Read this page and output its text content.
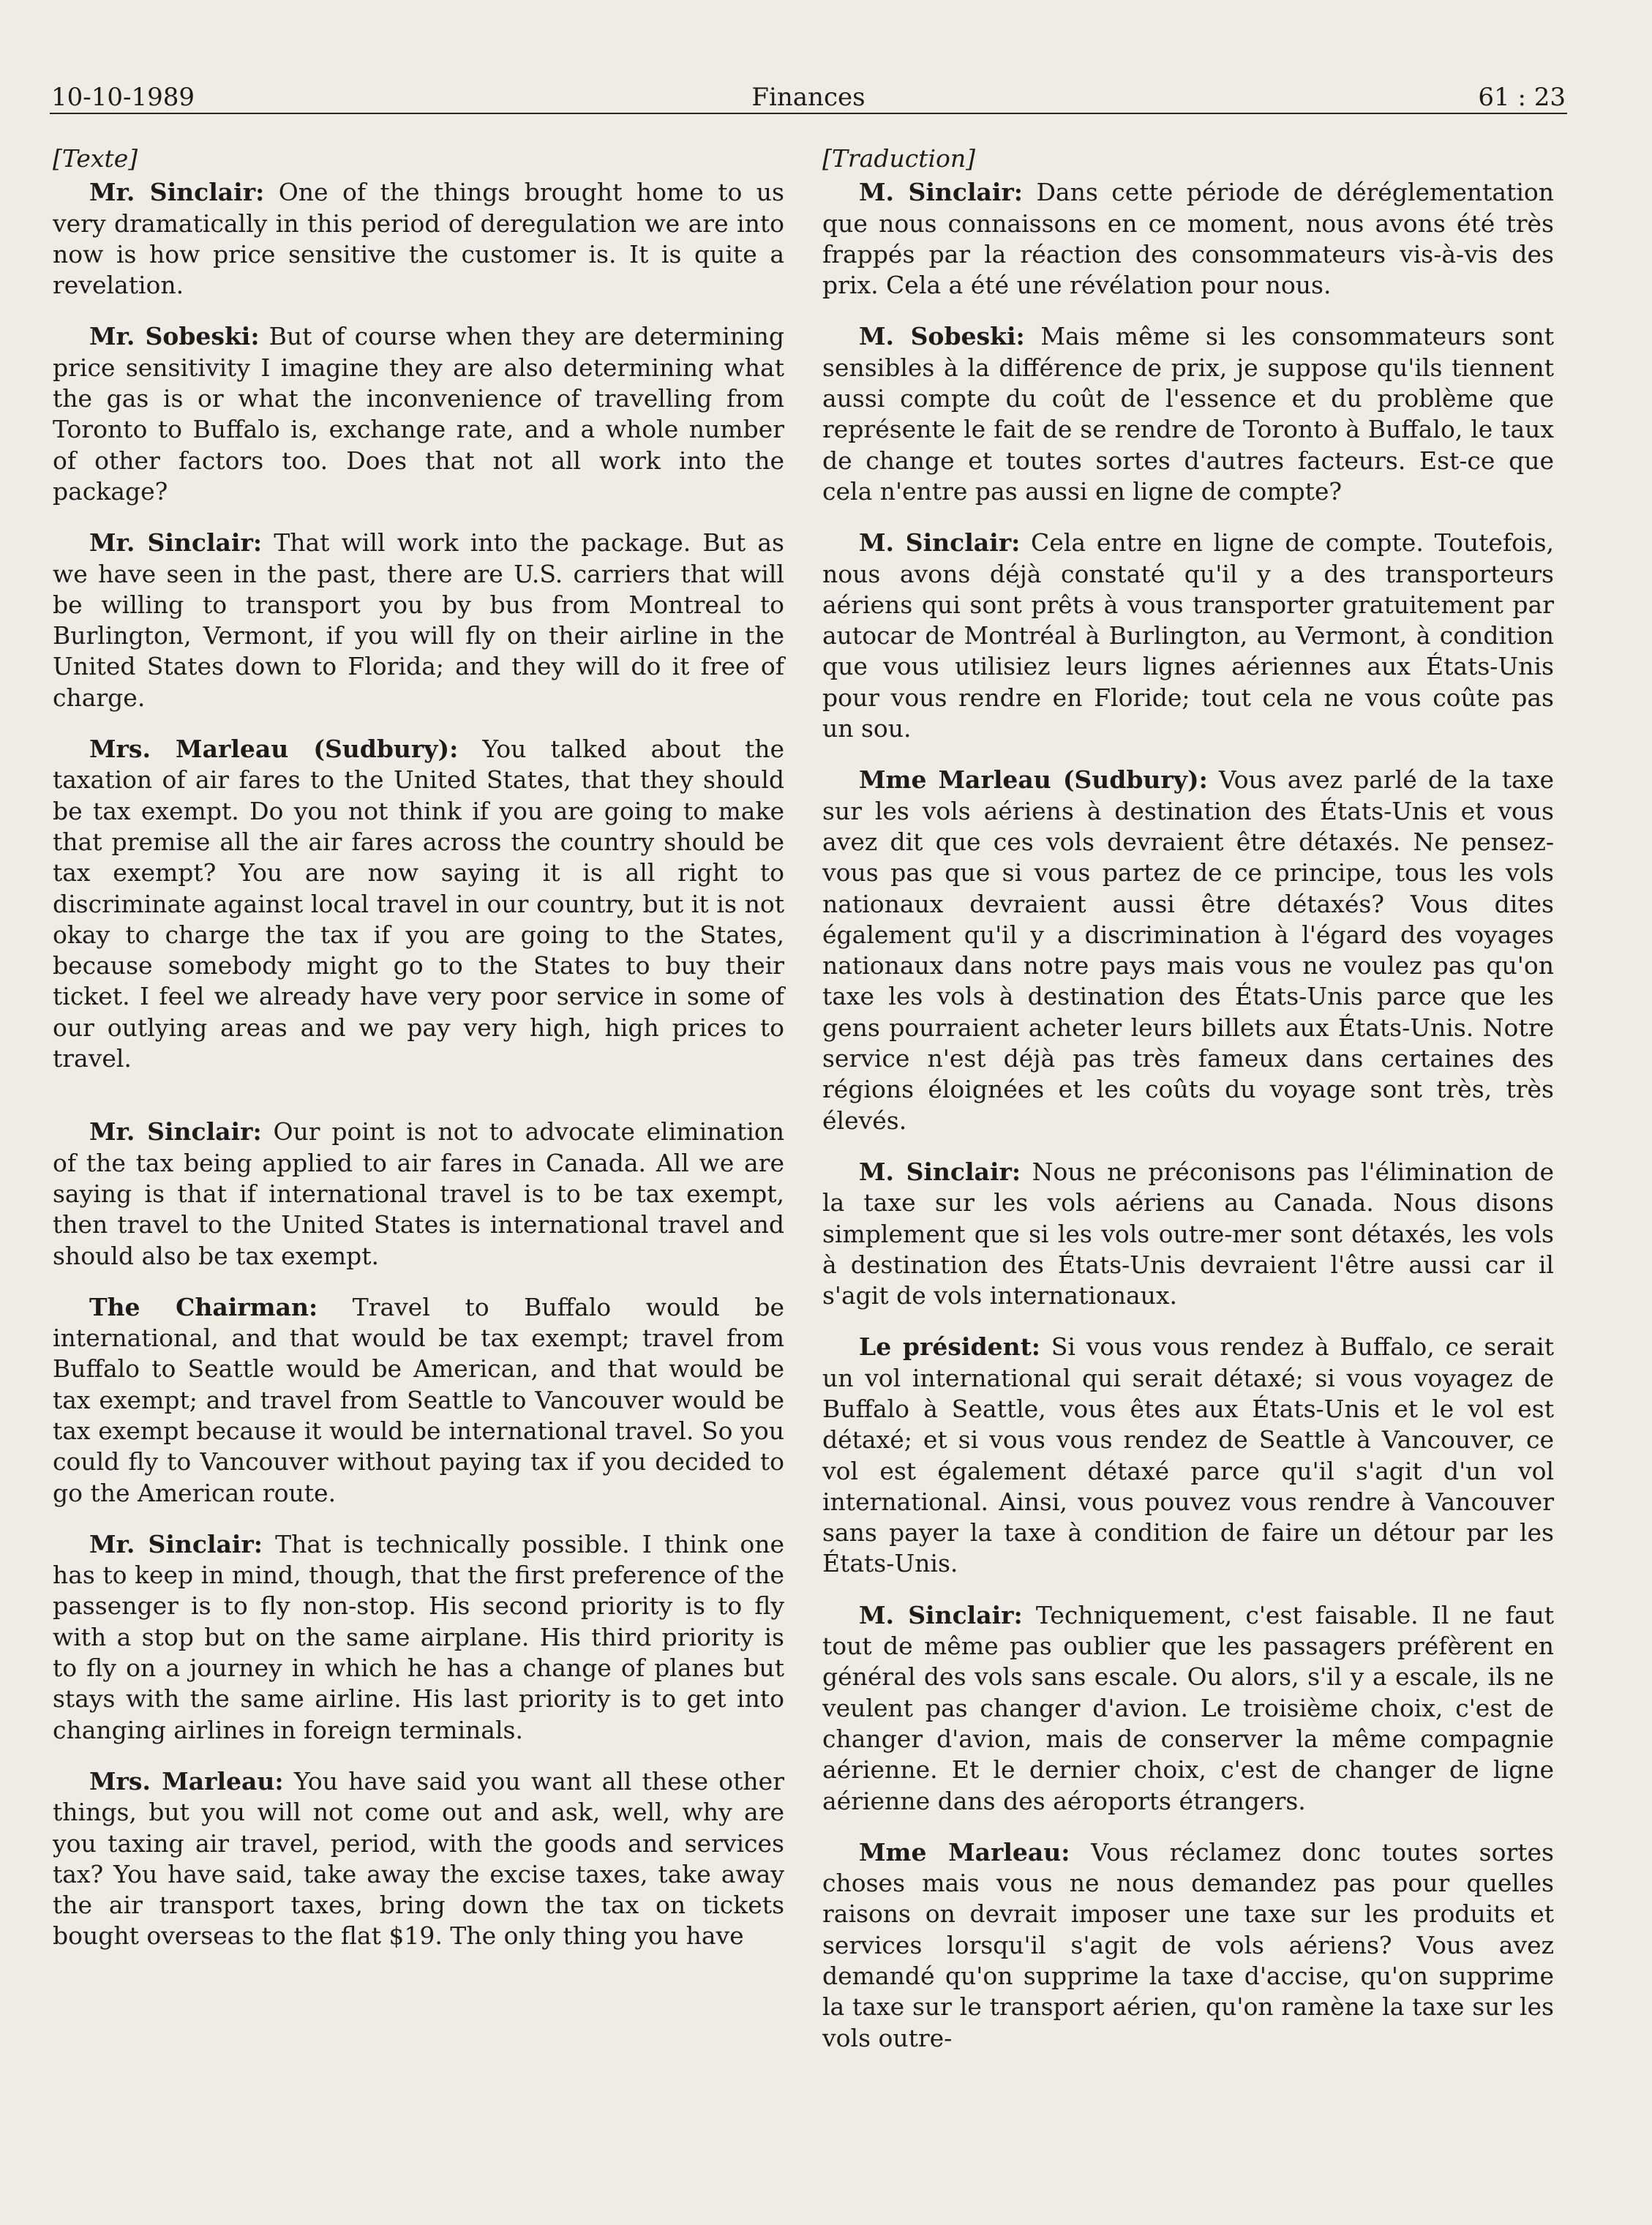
Finances
10-10-1989	61 : 23
[Texte]

Mr. Sinclair: One of the things brought home to us very dramatically in this period of deregulation we are into now is how price sensitive the customer is. It is quite a revelation.

Mr. Sobeski: But of course when they are determining price sensitivity I imagine they are also determining what the gas is or what the inconvenience of travelling from Toronto to Buffalo is, exchange rate, and a whole number of other factors too. Does that not all work into the package?

Mr. Sinclair: That will work into the package. But as we have seen in the past, there are U.S. carriers that will be willing to transport you by bus from Montreal to Burlington, Vermont, if you will fly on their airline in the United States down to Florida; and they will do it free of charge.

Mrs. Marleau (Sudbury): You talked about the taxation of air fares to the United States, that they should be tax exempt. Do you not think if you are going to make that premise all the air fares across the country should be tax exempt? You are now saying it is all right to discriminate against local travel in our country, but it is not okay to charge the tax if you are going to the States, because somebody might go to the States to buy their ticket. I feel we already have very poor service in some of our outlying areas and we pay very high, high prices to travel.

Mr. Sinclair: Our point is not to advocate elimination of the tax being applied to air fares in Canada. All we are saying is that if international travel is to be tax exempt, then travel to the United States is international travel and should also be tax exempt.

The Chairman: Travel to Buffalo would be international, and that would be tax exempt; travel from Buffalo to Seattle would be American, and that would be tax exempt; and travel from Seattle to Vancouver would be tax exempt because it would be international travel. So you could fly to Vancouver without paying tax if you decided to go the American route.

Mr. Sinclair: That is technically possible. I think one has to keep in mind, though, that the first preference of the passenger is to fly non-stop. His second priority is to fly with a stop but on the same airplane. His third priority is to fly on a journey in which he has a change of planes but stays with the same airline. His last priority is to get into changing airlines in foreign terminals.

Mrs. Marleau: You have said you want all these other things, but you will not come out and ask, well, why are you taxing air travel, period, with the goods and services tax? You have said, take away the excise taxes, take away the air transport taxes, bring down the tax on tickets bought overseas to the flat $19. The only thing you have

[Traduction]

M. Sinclair: Dans cette période de déréglementation que nous connaissons en ce moment, nous avons été très frappés par la réaction des consommateurs vis-à-vis des prix. Cela a été une révélation pour nous.

M. Sobeski: Mais même si les consommateurs sont sensibles à la différence de prix, je suppose qu'ils tiennent aussi compte du coût de l'essence et du problème que représente le fait de se rendre de Toronto à Buffalo, le taux de change et toutes sortes d'autres facteurs. Est-ce que cela n'entre pas aussi en ligne de compte?

M. Sinclair: Cela entre en ligne de compte. Toutefois, nous avons déjà constaté qu'il y a des transporteurs aériens qui sont prêts à vous transporter gratuitement par autocar de Montréal à Burlington, au Vermont, à condition que vous utilisiez leurs lignes aériennes aux États-Unis pour vous rendre en Floride; tout cela ne vous coûte pas un sou.

Mme Marleau (Sudbury): Vous avez parlé de la taxe sur les vols aériens à destination des États-Unis et vous avez dit que ces vols devraient être détaxés. Ne pensez-vous pas que si vous partez de ce principe, tous les vols nationaux devraient aussi être détaxés? Vous dites également qu'il y a discrimination à l'égard des voyages nationaux dans notre pays mais vous ne voulez pas qu'on taxe les vols à destination des États-Unis parce que les gens pourraient acheter leurs billets aux États-Unis. Notre service n'est déjà pas très fameux dans certaines des régions éloignées et les coûts du voyage sont très, très élevés.

M. Sinclair: Nous ne préconisons pas l'élimination de la taxe sur les vols aériens au Canada. Nous disons simplement que si les vols outre-mer sont détaxés, les vols à destination des États-Unis devraient l'être aussi car il s'agit de vols internationaux.

Le président: Si vous vous rendez à Buffalo, ce serait un vol international qui serait détaxé; si vous voyagez de Buffalo à Seattle, vous êtes aux États-Unis et le vol est détaxé; et si vous vous rendez de Seattle à Vancouver, ce vol est également détaxé parce qu'il s'agit d'un vol international. Ainsi, vous pouvez vous rendre à Vancouver sans payer la taxe à condition de faire un détour par les États-Unis.

M. Sinclair: Techniquement, c'est faisable. Il ne faut tout de même pas oublier que les passagers préfèrent en général des vols sans escale. Ou alors, s'il y a escale, ils ne veulent pas changer d'avion. Le troisième choix, c'est de changer d'avion, mais de conserver la même compagnie aérienne. Et le dernier choix, c'est de changer de ligne aérienne dans des aéroports étrangers.

Mme Marleau: Vous réclamez donc toutes sortes choses mais vous ne nous demandez pas pour quelles raisons on devrait imposer une taxe sur les produits et services lorsqu'il s'agit de vols aériens? Vous avez demandé qu'on supprime la taxe d'accise, qu'on supprime la taxe sur le transport aérien, qu'on ramène la taxe sur les vols outre-
